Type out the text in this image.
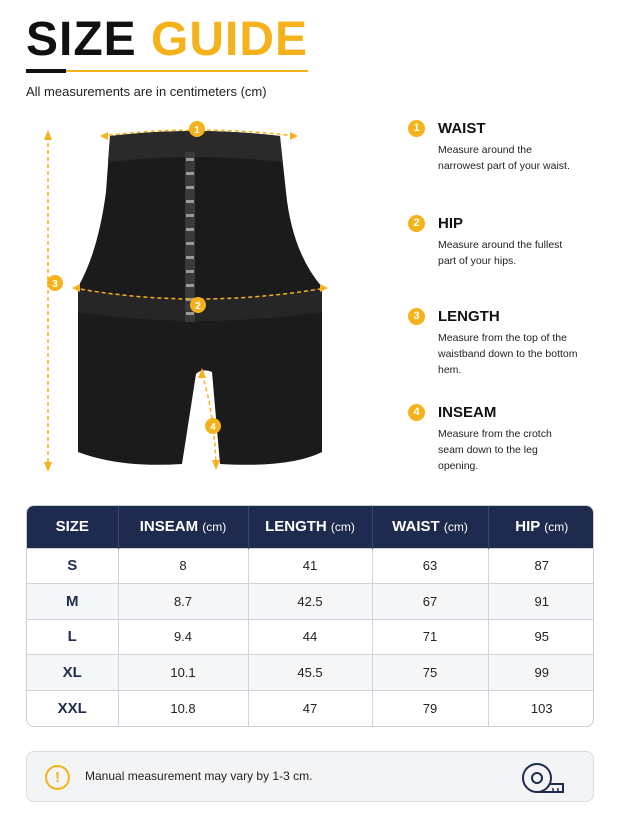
SIZE GUIDE
All measurements are in centimeters (cm)
1
2
3
4
1	WAIST
Measure around the narrowest part of your waist.
2	HIP
Measure around the fullest part of your hips.
3	LENGTH
Measure from the top of the waistband down to the bottom hem.
4	INSEAM
Measure from the crotch seam down to the leg opening.
SIZE	INSEAM (cm)	LENGTH (cm)	WAIST (cm)	HIP (cm)
S	8	41	63	87
M	8.7	42.5	67	91
L	9.4	44	71	95
XL	10.1	45.5	75	99
XXL	10.8	47	79	103
!	Manual measurement may vary by 1-3 cm.
